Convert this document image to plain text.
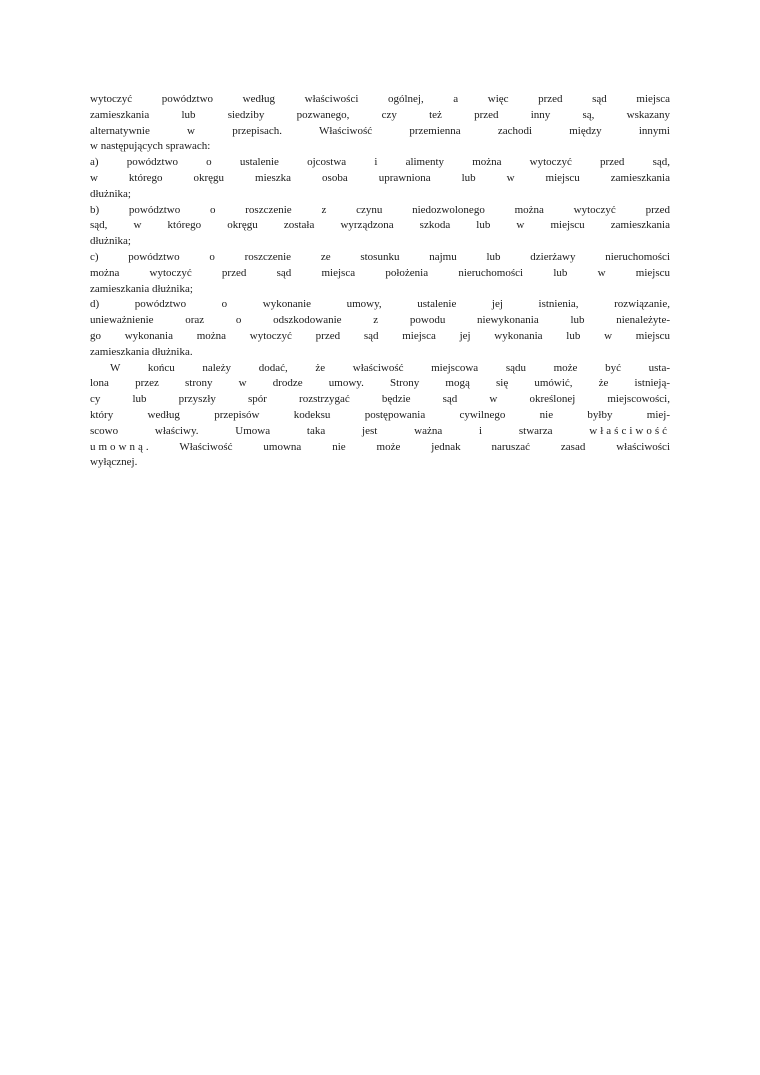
wytoczyć powództwo według właściwości ogólnej, a więc przed sąd miejsca
zamieszkania lub siedziby pozwanego, czy też przed inny są, wskazany
alternatywnie w przepisach. Właściwość przemienna zachodi między innymi
w następujących sprawach:
a) powództwo o ustalenie ojcostwa i alimenty można wytoczyć przed sąd,
w którego okręgu mieszka osoba uprawniona lub w miejscu zamieszkania
dłużnika;
b) powództwo o roszczenie z czynu niedozwolonego można wytoczyć przed
sąd, w którego okręgu została wyrządzona szkoda lub w miejscu zamieszkania
dłużnika;
c) powództwo o roszczenie ze stosunku najmu lub dzierżawy nieruchomości
można wytoczyć przed sąd miejsca położenia nieruchomości lub w miejscu
zamieszkania dłużnika;
d) powództwo o wykonanie umowy, ustalenie jej istnienia, rozwiązanie,
unieważnienie oraz o odszkodowanie z powodu niewykonania lub nienależyte-
go wykonania można wytoczyć przed sąd miejsca jej wykonania lub w miejscu
zamieszkania dłużnika.
W końcu należy dodać, że właściwość miejscowa sądu może być usta-
lona przez strony w drodze umowy. Strony mogą się umówić, że istnieją-
cy lub przyszły spór rozstrzygać będzie sąd w określonej miejscowości,
który według przepisów kodeksu postępowania cywilnego nie byłby miej-
scowo właściwy. Umowa taka jest ważna i stwarza właściwość
umowną. Właściwość umowna nie może jednak naruszać zasad właściwości
wyłącznej.
